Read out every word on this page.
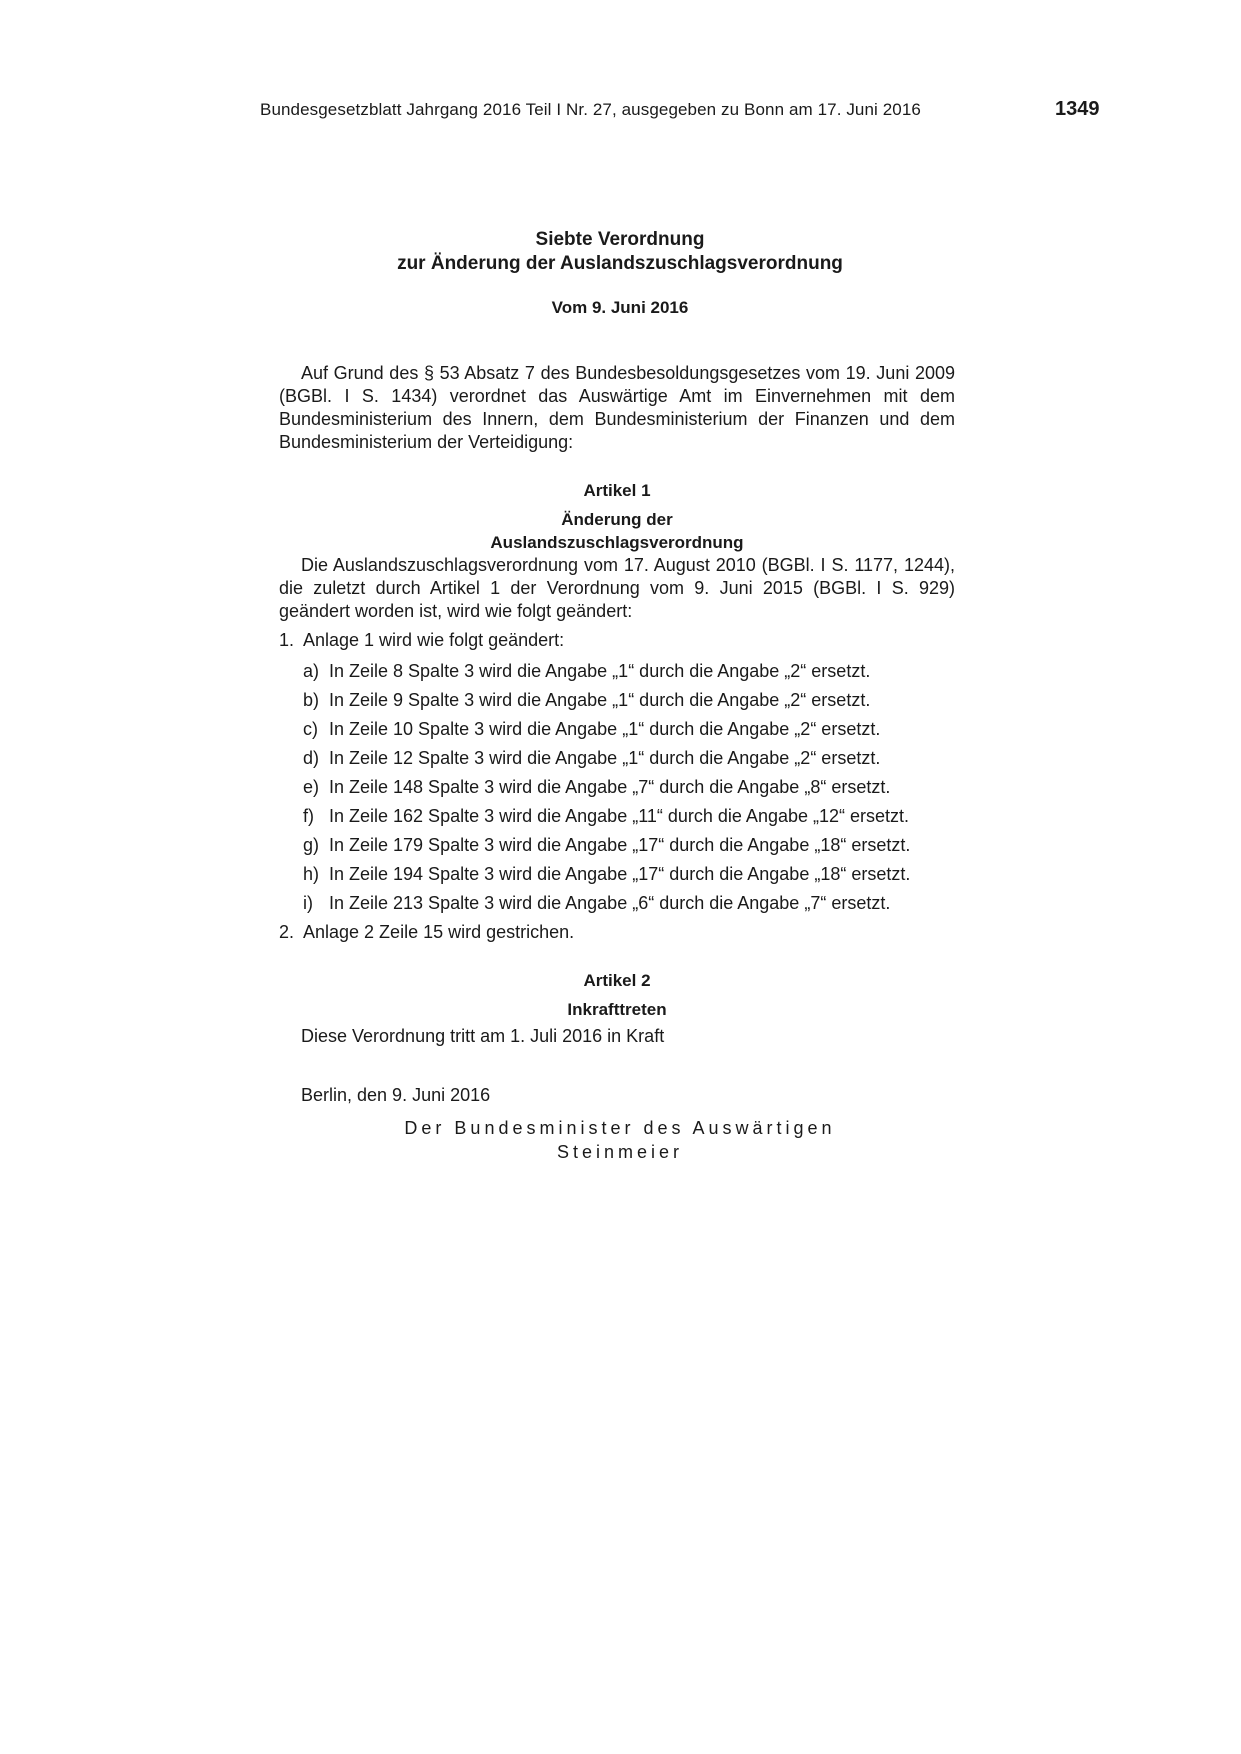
Bundesgesetzblatt Jahrgang 2016 Teil I Nr. 27, ausgegeben zu Bonn am 17. Juni 2016	1349
Siebte Verordnung
zur Änderung der Auslandszuschlagsverordnung
Vom 9. Juni 2016

Auf Grund des § 53 Absatz 7 des Bundesbesoldungsgesetzes vom 19. Juni 2009 (BGBl. I S. 1434) verordnet das Auswärtige Amt im Einvernehmen mit dem Bundesministerium des Innern, dem Bundesministerium der Finanzen und dem Bundesministerium der Verteidigung:

Artikel 1
Änderung der
Auslandszuschlagsverordnung

Die Auslandszuschlagsverordnung vom 17. August 2010 (BGBl. I S. 1177, 1244), die zuletzt durch Artikel 1 der Verordnung vom 9. Juni 2015 (BGBl. I S. 929) geändert worden ist, wird wie folgt geändert:

1. Anlage 1 wird wie folgt geändert:
a) In Zeile 8 Spalte 3 wird die Angabe „1“ durch die Angabe „2“ ersetzt.
b) In Zeile 9 Spalte 3 wird die Angabe „1“ durch die Angabe „2“ ersetzt.
c) In Zeile 10 Spalte 3 wird die Angabe „1“ durch die Angabe „2“ ersetzt.
d) In Zeile 12 Spalte 3 wird die Angabe „1“ durch die Angabe „2“ ersetzt.
e) In Zeile 148 Spalte 3 wird die Angabe „7“ durch die Angabe „8“ ersetzt.
f) In Zeile 162 Spalte 3 wird die Angabe „11“ durch die Angabe „12“ ersetzt.
g) In Zeile 179 Spalte 3 wird die Angabe „17“ durch die Angabe „18“ ersetzt.
h) In Zeile 194 Spalte 3 wird die Angabe „17“ durch die Angabe „18“ ersetzt.
i) In Zeile 213 Spalte 3 wird die Angabe „6“ durch die Angabe „7“ ersetzt.
2. Anlage 2 Zeile 15 wird gestrichen.
Artikel 2
Inkrafttreten

Diese Verordnung tritt am 1. Juli 2016 in Kraft

Berlin, den 9. Juni 2016

Der Bundesminister des Auswärtigen
Steinmeier
